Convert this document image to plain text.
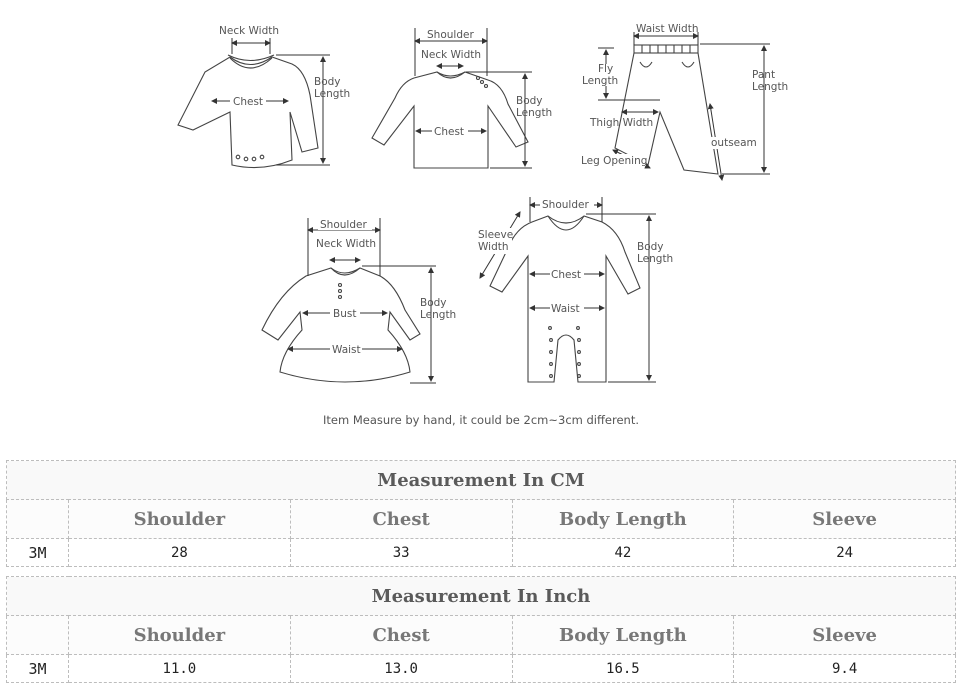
Neck Width
Chest
Body
Length
Shoulder
Neck Width
Chest
Body
Length
Waist Width
Fly
Length	Pant
Length
Thigh Width
outseam
Leg Opening
Shoulder
Neck Width
Bust
Waist
Body
Length
Shoulder
Sleeve
Width
Chest
Waist
Body
Length
Item Measure by hand, it could be 2cm~3cm different.
Measurement In CM				
	Shoulder	Chest	Body Length	Sleeve
3M	28	33	42	24
Measurement In Inch				
	Shoulder	Chest	Body Length	Sleeve
3M	11.0	13.0	16.5	9.4
